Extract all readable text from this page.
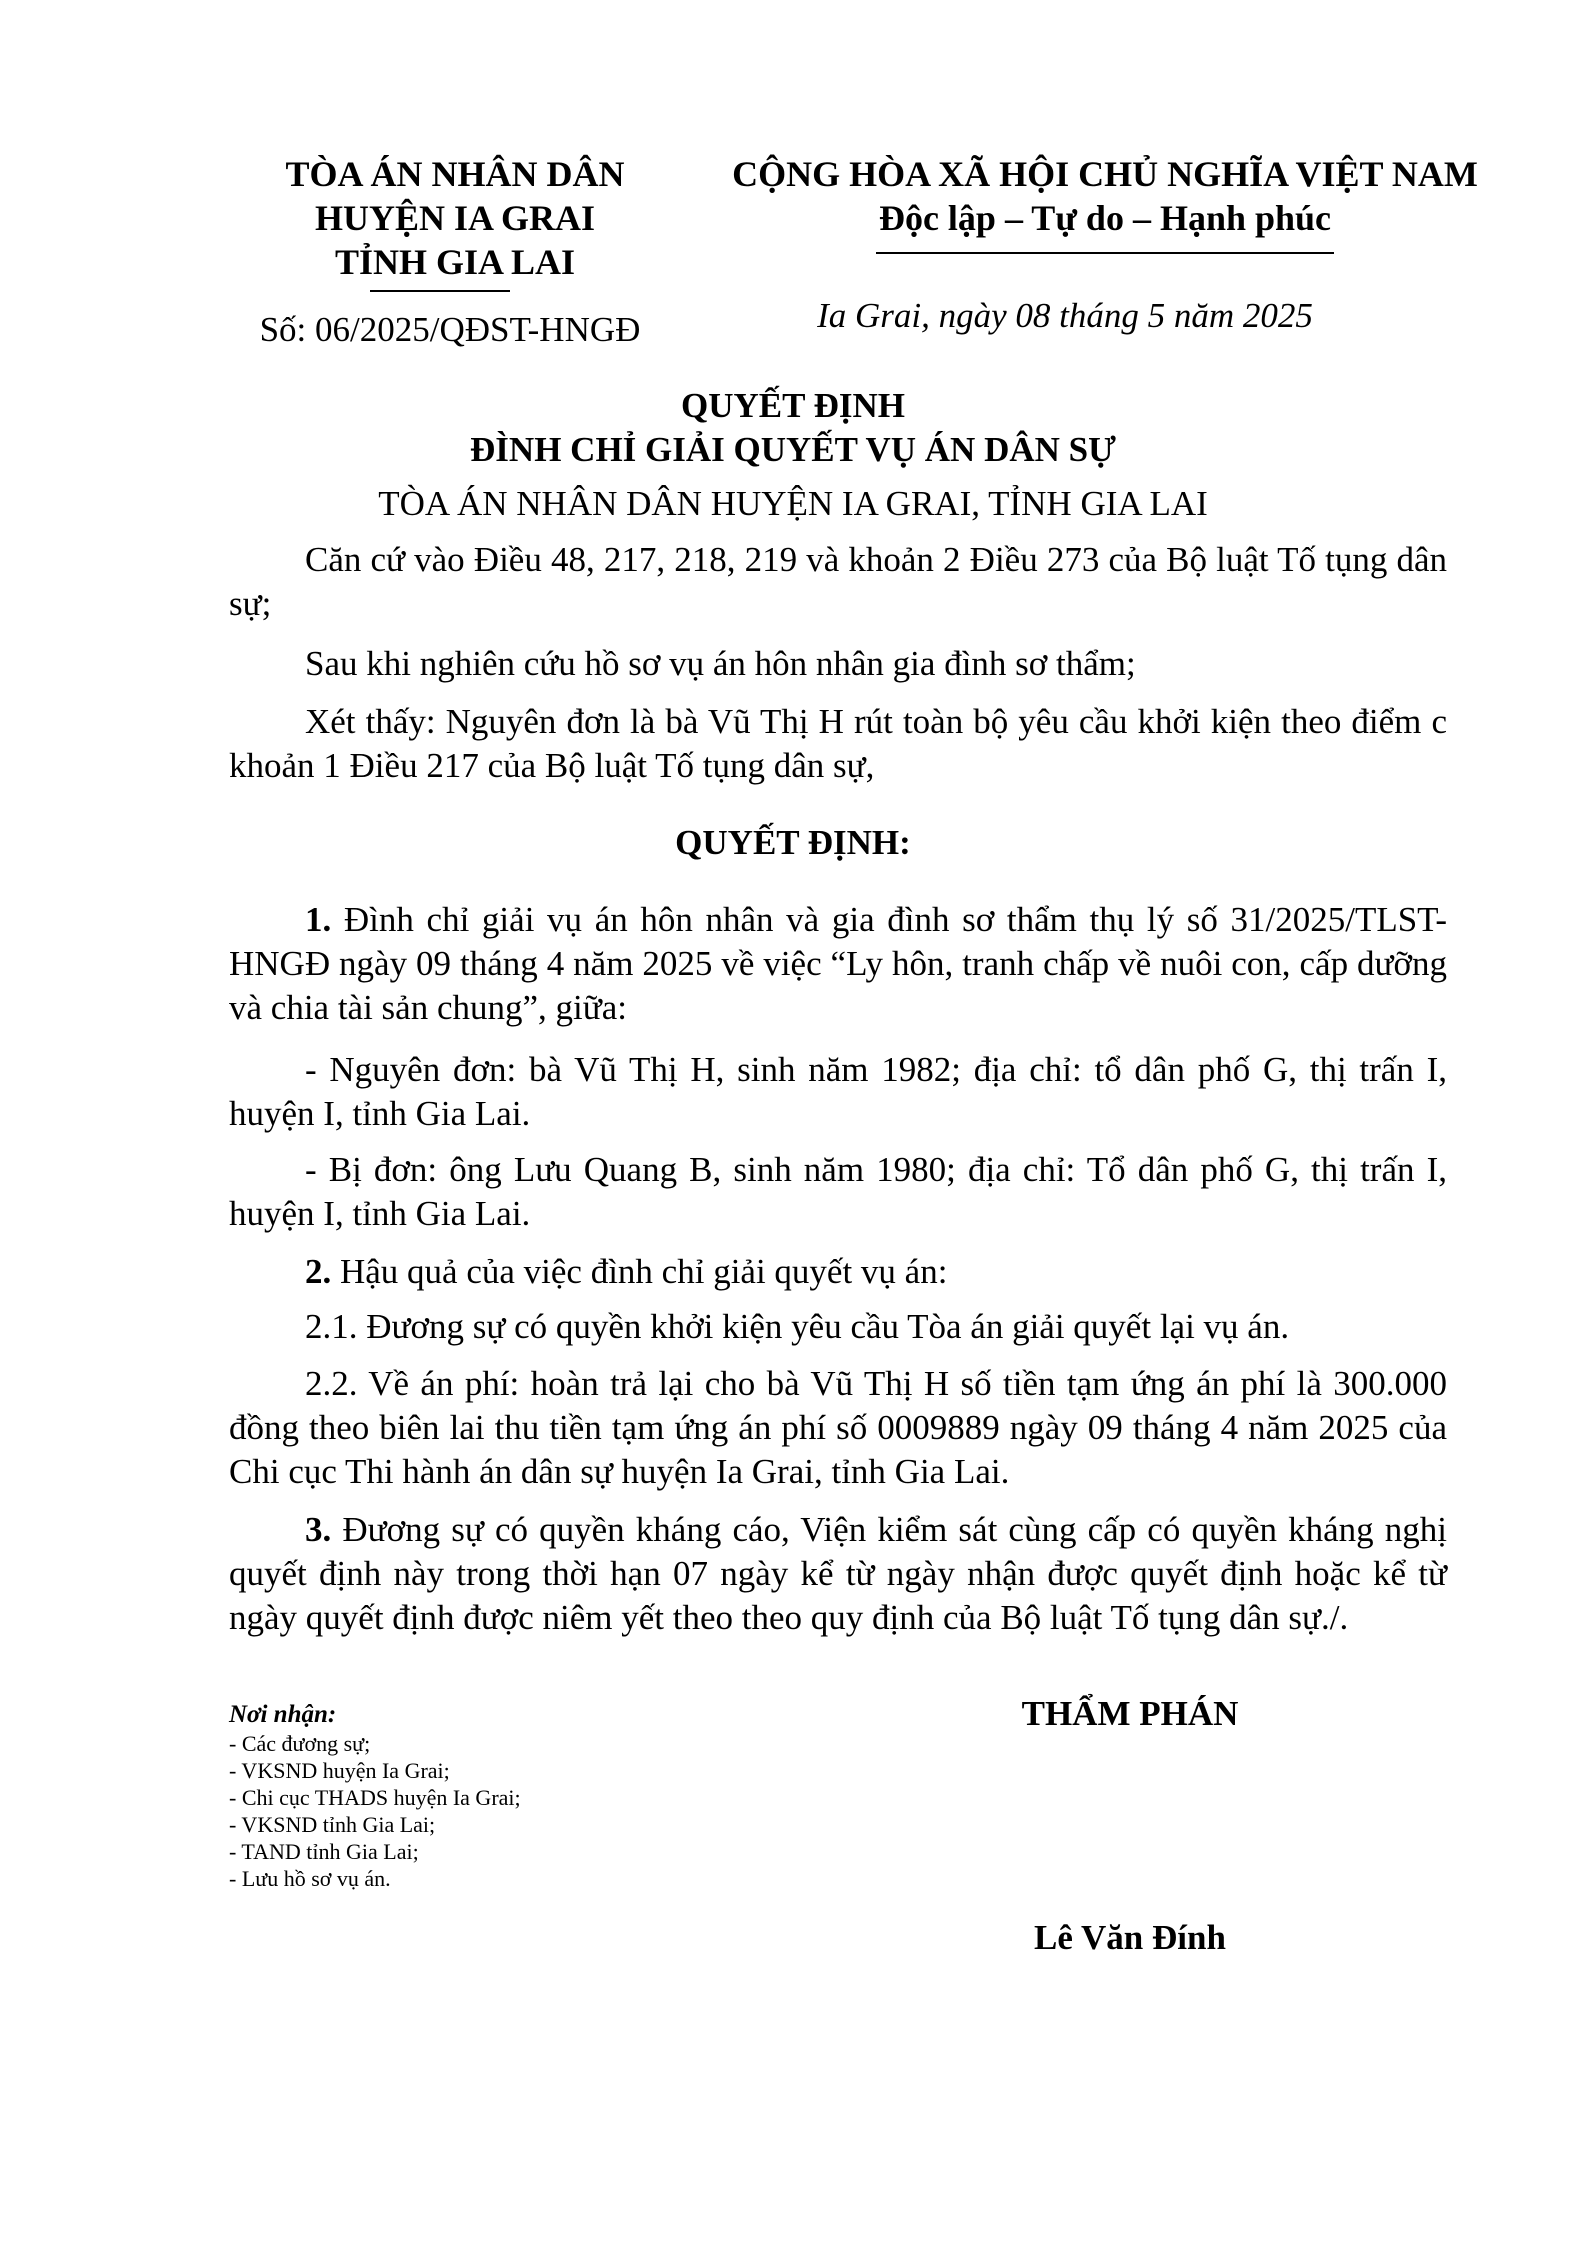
TÒA ÁN NHÂN DÂN
HUYỆN IA GRAI
TỈNH GIA LAI
CỘNG HÒA XÃ HỘI CHỦ NGHĨA VIỆT NAM
Độc lập – Tự do – Hạnh phúc
Số: 06/2025/QĐST-HNGĐ	Ia Grai, ngày 08 tháng 5 năm 2025
QUYẾT ĐỊNH
ĐÌNH CHỈ GIẢI QUYẾT VỤ ÁN DÂN SỰ
TÒA ÁN NHÂN DÂN HUYỆN IA GRAI, TỈNH GIA LAI
Căn cứ vào Điều 48, 217, 218, 219 và khoản 2 Điều 273 của Bộ luật Tố tụng dân sự;
Sau khi nghiên cứu hồ sơ vụ án hôn nhân gia đình sơ thẩm;
Xét thấy: Nguyên đơn là bà Vũ Thị H rút toàn bộ yêu cầu khởi kiện theo điểm c khoản 1 Điều 217 của Bộ luật Tố tụng dân sự,
QUYẾT ĐỊNH:
1. Đình chỉ giải vụ án hôn nhân và gia đình sơ thẩm thụ lý số 31/2025/TLST-HNGĐ ngày 09 tháng 4 năm 2025 về việc “Ly hôn, tranh chấp về nuôi con, cấp dưỡng và chia tài sản chung”, giữa:
- Nguyên đơn: bà Vũ Thị H, sinh năm 1982; địa chỉ: tổ dân phố G, thị trấn I, huyện I, tỉnh Gia Lai.
- Bị đơn: ông Lưu Quang B, sinh năm 1980; địa chỉ: Tổ dân phố G, thị trấn I, huyện I, tỉnh Gia Lai.
2. Hậu quả của việc đình chỉ giải quyết vụ án:
2.1. Đương sự có quyền khởi kiện yêu cầu Tòa án giải quyết lại vụ án.
2.2. Về án phí: hoàn trả lại cho bà Vũ Thị H số tiền tạm ứng án phí là 300.000 đồng theo biên lai thu tiền tạm ứng án phí số 0009889 ngày 09 tháng 4 năm 2025 của Chi cục Thi hành án dân sự huyện Ia Grai, tỉnh Gia Lai.
3. Đương sự có quyền kháng cáo, Viện kiểm sát cùng cấp có quyền kháng nghị quyết định này trong thời hạn 07 ngày kể từ ngày nhận được quyết định hoặc kể từ ngày quyết định được niêm yết theo theo quy định của Bộ luật Tố tụng dân sự./.
Nơi nhận:
- Các đương sự;
- VKSND huyện Ia Grai;
- Chi cục THADS huyện Ia Grai;
- VKSND tỉnh Gia Lai;
- TAND tỉnh Gia Lai;
- Lưu hồ sơ vụ án.
THẨM PHÁN
Lê Văn Đính
